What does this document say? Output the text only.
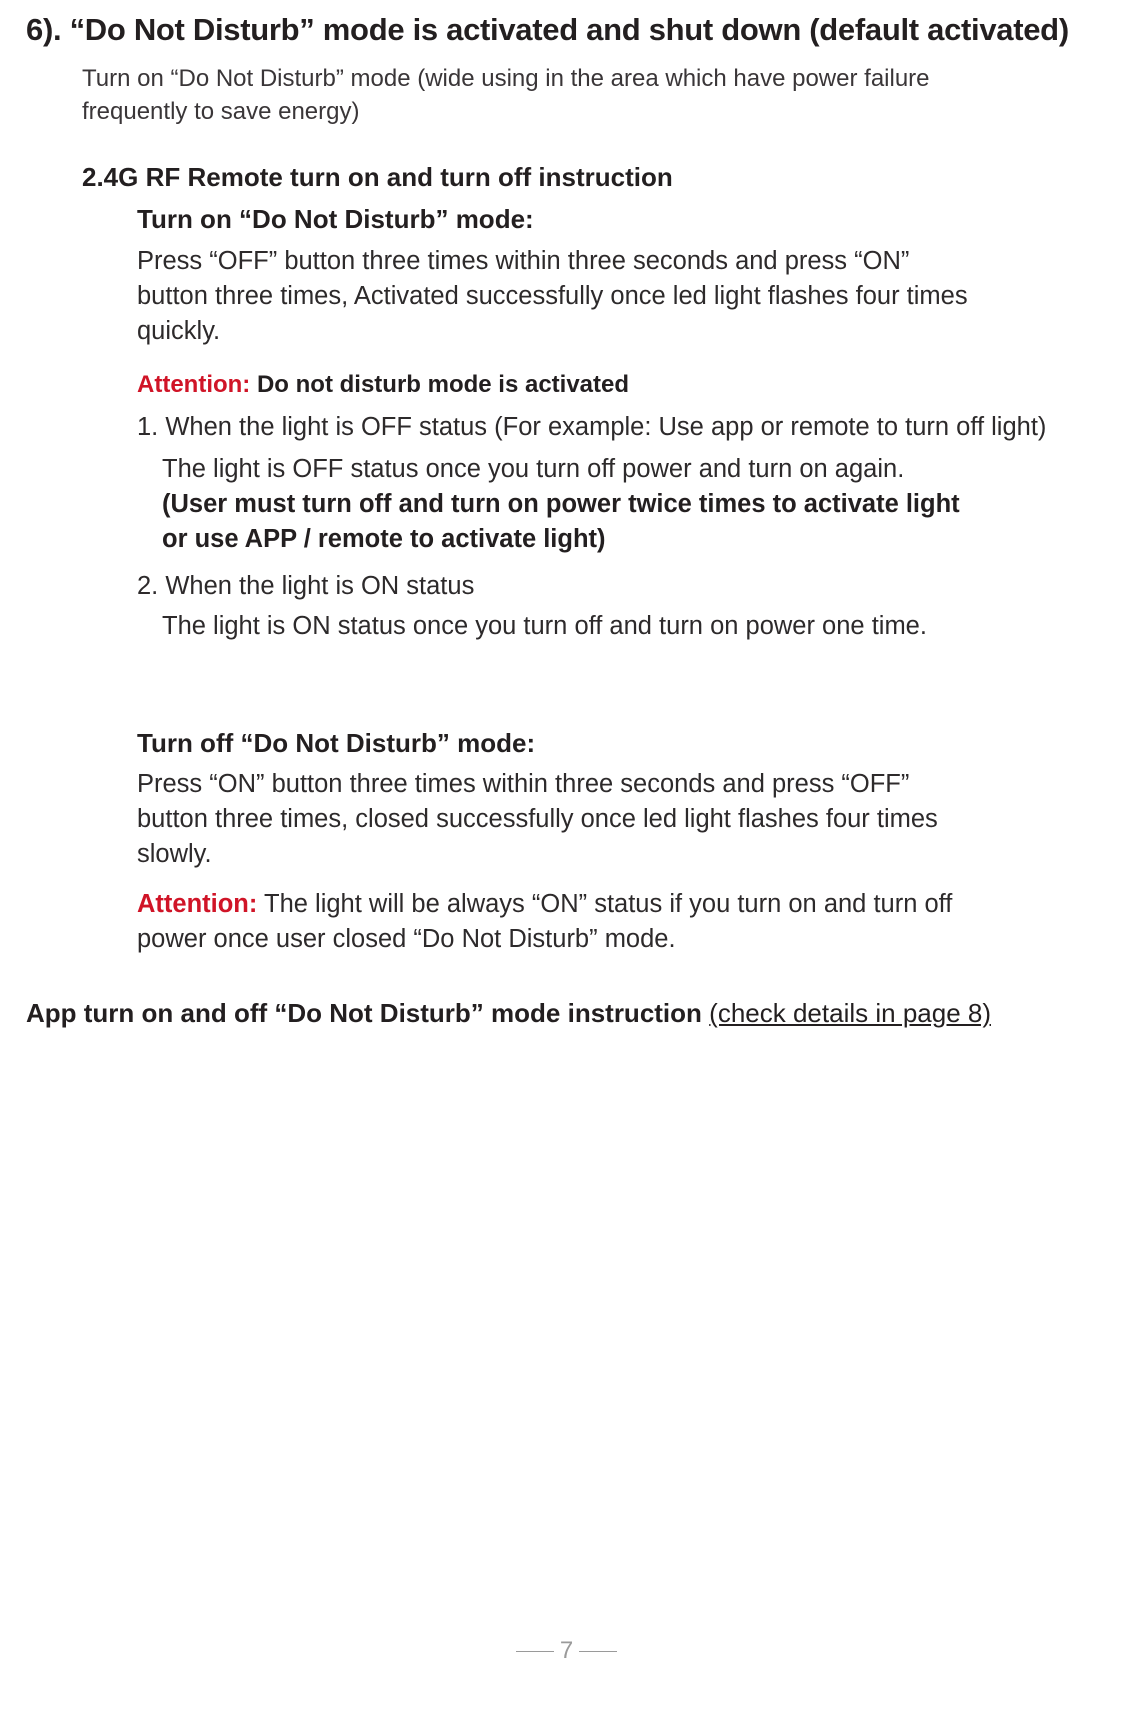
6). “Do Not Disturb” mode is activated and shut down (default activated)
Turn on “Do Not Disturb” mode (wide using in the area which have power failure
frequently to save energy)
2.4G RF Remote turn on and turn off instruction
Turn on “Do Not Disturb” mode:
Press “OFF” button three times within three seconds and press “ON”
button three times, Activated successfully once led light flashes four times
quickly.
Attention: Do not disturb mode is activated
1. When the light is OFF status (For example: Use app or remote to turn off light)
The light is OFF status once you turn off power and turn on again.
(User must turn off and turn on power twice times to activate light
or use APP / remote to activate light)
2. When the light is ON status
The light is ON status once you turn off and turn on power one time.
Turn off “Do Not Disturb” mode:
Press “ON” button three times within three seconds and press “OFF”
button three times, closed successfully once led light flashes four times
slowly.
Attention: The light will be always “ON” status if you turn on and turn off
power once user closed “Do Not Disturb” mode.
App turn on and off “Do Not Disturb” mode instruction (check details in page 8)
7
